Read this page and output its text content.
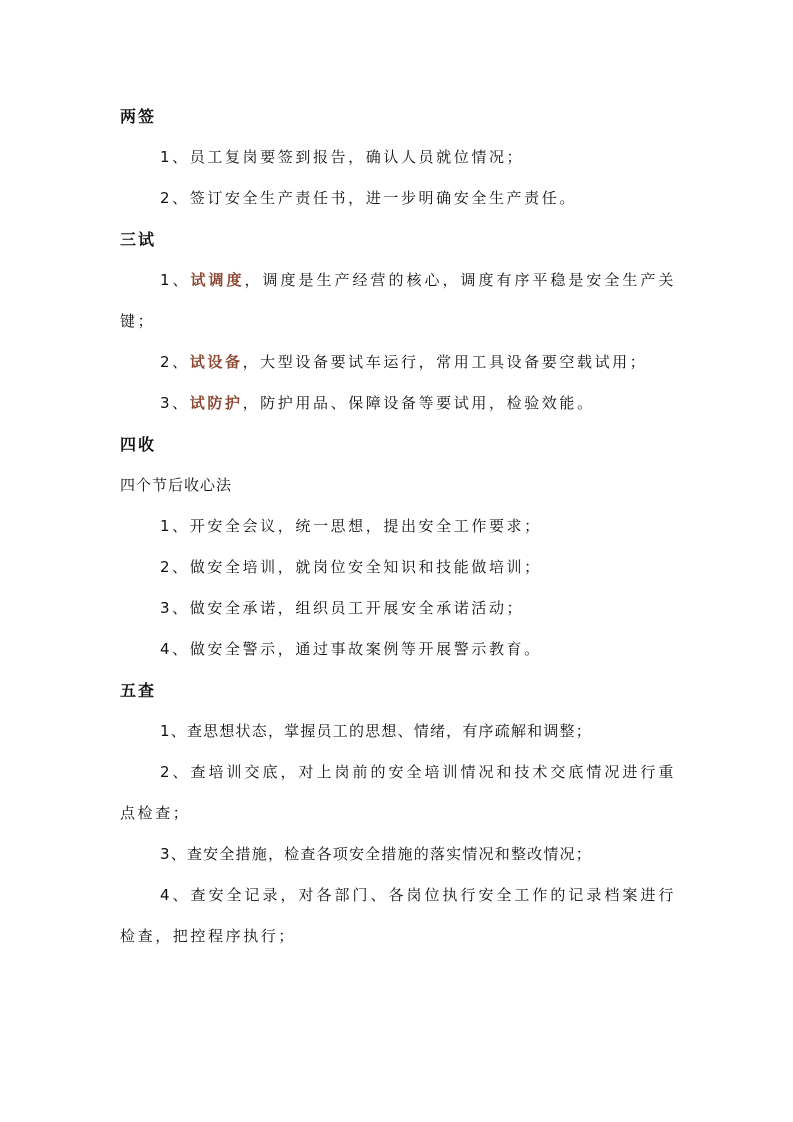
两签
1、员工复岗要签到报告，确认人员就位情况；
2、签订安全生产责任书，进一步明确安全生产责任。
三试
1、试调度，调度是生产经营的核心，调度有序平稳是安全生产关键；
2、试设备，大型设备要试车运行，常用工具设备要空载试用；
3、试防护，防护用品、保障设备等要试用，检验效能。
四收
四个节后收心法
1、开安全会议，统一思想，提出安全工作要求；
2、做安全培训，就岗位安全知识和技能做培训；
3、做安全承诺，组织员工开展安全承诺活动；
4、做安全警示，通过事故案例等开展警示教育。
五查
1、查思想状态，掌握员工的思想、情绪，有序疏解和调整；
2、查培训交底，对上岗前的安全培训情况和技术交底情况进行重点检查；
3、查安全措施，检查各项安全措施的落实情况和整改情况；
4、查安全记录，对各部门、各岗位执行安全工作的记录档案进行检查，把控程序执行；
